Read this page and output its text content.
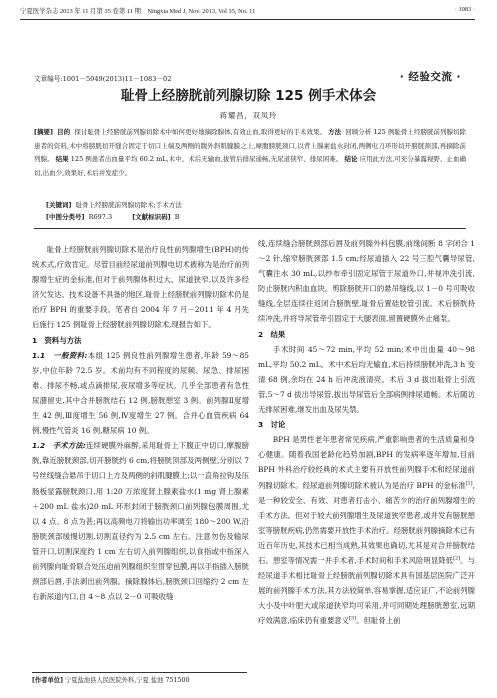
宁夏医学杂志 2013 年 11 月第 35 卷第 11 期　Ningxia Med J, Nov. 2013, Vol 35, No. 11	· 1083 ·
文章编号:1001－5949(2013)11－1083－02	· 经验交流 ·
耻骨上经膀胱前列腺切除 125 例手术体会
蒋耀昌，双凤玲
[摘要] 目的 探讨耻骨上经膀胱前列腺切除术中如何更好地摘除腺体,有效止血,取得更好的手术效果。 方法 回顾分析 125 例耻骨上经膀胱前列腺切除患者的资料,术中将膀胱切开缝合固定于切口上端及两侧的腹外斜肌腱膜之上,摩腹膀胱颈口,以背上腺素盐水封闭,两侧电刀环形切开膀胱颈部,再摘除前列腺。 结果 125 例患者出血量平均 60.2 mL,术中、术后无输血,拔管后排尿通畅,无尿道狭窄、排尿困难。 结论 应用此方法,可充分暴露视野、止血确切,出血少,效果好,术后并发症少。
[关键词] 耻骨上经膀胱前列腺切除术;手术方法
[中图分类号] R697.3	[文献标识码] B

耻骨上经膀胱前列腺切除术是治疗良性前列腺增生(BPH)的传统术式,疗效肯定。尽管目前经尿道前列腺电切术被称为是治疗前列腺增生症的金标准,但对于前列腺体积过大、尿道狭窄,以及许多经济欠发达、技术设备不具备的地区,耻骨上经膀胱前列腺切除术仍是治疗 BPH 的重要手段。笔者自 2004 年 7 月－2011 年 4 月先后施行 125 例耻骨上经膀胱前列腺切除术,现报告如下。

1　资料与方法

1.1　一般资料:本组 125 例良性前列腺增生患者,年龄 59～85 岁,中位年龄 72.5 岁。术前均有不同程度的尿频、尿急、排尿困难、排尿不畅,或点滴排尿,夜尿增多等症状。几乎全部患者有急性尿潴留史,其中合并膀胱结石 12 例,膀胱憩室 3 例。前列腺Ⅱ度增生 42 例,Ⅲ度增生 56 例,Ⅳ度增生 27 例。合并心血管疾病 64 例,慢性气管炎 16 例,糖尿病 10 例。

1.2　手术方法:连续硬膜外麻醉,采用耻骨上下腹正中切口,摩腹膀胱,靠近膀胱颈部,切开膀胱约 6 cm,将膀胱顶部及两侧壁,分别以 7 号丝线缝合悬吊于切口上方及两侧的斜肌腱膜上;以一直角拉钩及压肠板显露膀胱颈口,用 1:20 万浓度肾上腺素盐水(1 mg 肾上腺素＋200 mL 盐水)20 mL 环形封闭于膀胱颈口前列腺包膜周围,尤以 4 点、8 点为甚;再以高频电刀将输出功率调至 180～200 W,沿膀胱颈部缓慢切割,切割直径约为 2.5 cm 左右。注意勿伤及输尿管开口,切割深度约 1 cm 左右切入前列腺组织,以食指或中指深入前列腺向耻骨联合处压迫前列腺组织至贯穿包膜,再以手指插入膀胱颈部后唇,手法剥出前列腺。摘除腺体后,膀胱颈口回缩约 2 cm 左右新尿道内口,自 4～8 点以 2－0 可吸收缝

线,连续缝合膀胱颈部后唇及前列腺外科包膜,前缘间断 8 字闭合 1～2 针,缩窄膀胱颈部 1.5 cm;经尿道插入 22 号三腔气囊导尿管,气囊注水 30 mL,以纱布牵引固定尿管于尿道外口,并视冲洗引流,防止膀胱内积血血块。剪除膀胱开口的悬吊缝线,以 1－0 号可吸收缝线,全层连续往返闭合膀胱壁,耻骨后置硅胶管引流。术后膀胱持续冲洗,并将导尿管牵引固定于大腿表面,留置硬膜外止痛泵。

2　结果

手术时间 45～72 min,平均 52 min;术中出血量 40～98 mL,平均 50.2 mL。术中术后均无输血,术后持续膀胱冲洗,3 h 变清 68 例,余均在 24 h 后冲洗液清亮。术后 3 d 拔出耻骨上引流管,5～7 d 拔出导尿管,拔出导尿管后全部病例排尿通畅。术后随访无排尿困难,继发出血及尿失禁。

3　讨论

BPH 是男性老年患者常见疾病,严重影响患者的生活质量和身心健康。随着我国老龄化趋势加剧,BPH 的发病率逐年增加,目前 BPH 外科治疗较经典的术式主要有开放性前列腺手术和经尿道前列腺切除术。经尿道前列腺切除术被认为是治疗 BPH 的金标准[1],是一种较安全、有效、对患者打击小、痛苦少的治疗前列腺增生的手术方法。但对于较大前列腺增生及尿道狭窄患者,或并发有膀胱憩室等膀胱疾病,仍然需要开放性手术治疗。经膀胱前列腺摘除术已有近百年历史,其技术已相当成熟,其效果也确切,尤其是对合并膀胱结石、憩室等情况需一并手术者,手术时间和手术风险明显降低[2]。与经尿道手术相比耻骨上经膀胱前列腺切除术具有国基层医院广泛开展的前列腺手术方法,其方法较简单,容易掌握,适应证广,不论前列腺大小及中叶肥大或尿道狭窄均可采用,并可同期处理膀胱憩室,远期疗效满意,临床仍有重要意义[3]。但耻骨上前

[作者单位] 宁夏盐池县人民医院外科,宁夏 盐池 751500
